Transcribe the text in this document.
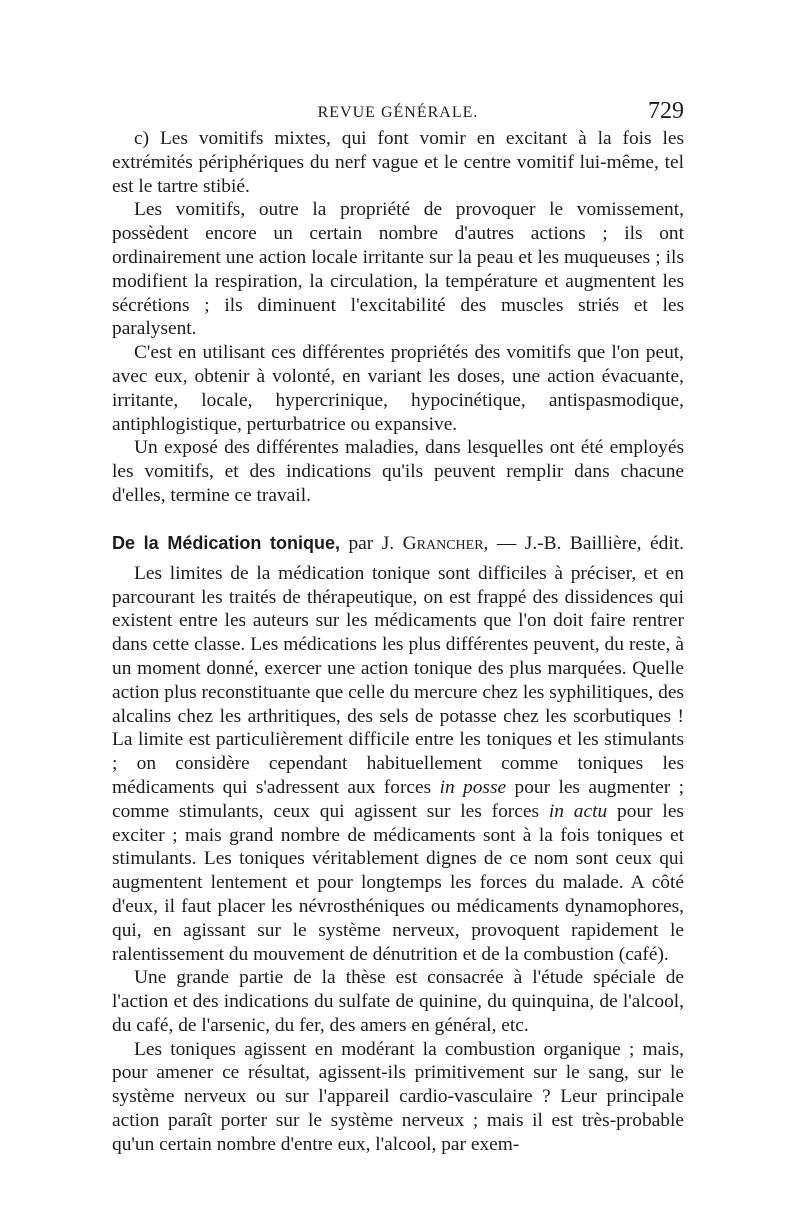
REVUE GÉNÉRALE.	729

c) Les vomitifs mixtes, qui font vomir en excitant à la fois les extrémités périphériques du nerf vague et le centre vomitif lui-même, tel est le tartre stibié.

Les vomitifs, outre la propriété de provoquer le vomissement, possèdent encore un certain nombre d'autres actions ; ils ont ordinairement une action locale irritante sur la peau et les muqueuses ; ils modifient la respiration, la circulation, la température et augmentent les sécrétions ; ils diminuent l'excitabilité des muscles striés et les paralysent.

C'est en utilisant ces différentes propriétés des vomitifs que l'on peut, avec eux, obtenir à volonté, en variant les doses, une action évacuante, irritante, locale, hypercrinique, hypocinétique, antispasmodique, antiphlogistique, perturbatrice ou expansive.

Un exposé des différentes maladies, dans lesquelles ont été employés les vomitifs, et des indications qu'ils peuvent remplir dans chacune d'elles, termine ce travail.

De la Médication tonique, par J. Grancher, — J.-B. Baillière, édit.

Les limites de la médication tonique sont difficiles à préciser, et en parcourant les traités de thérapeutique, on est frappé des dissidences qui existent entre les auteurs sur les médicaments que l'on doit faire rentrer dans cette classe. Les médications les plus différentes peuvent, du reste, à un moment donné, exercer une action tonique des plus marquées. Quelle action plus reconstituante que celle du mercure chez les syphilitiques, des alcalins chez les arthritiques, des sels de potasse chez les scorbutiques ! La limite est particulièrement difficile entre les toniques et les stimulants ; on considère cependant habituellement comme toniques les médicaments qui s'adressent aux forces in posse pour les augmenter ; comme stimulants, ceux qui agissent sur les forces in actu pour les exciter ; mais grand nombre de médicaments sont à la fois toniques et stimulants. Les toniques véritablement dignes de ce nom sont ceux qui augmentent lentement et pour longtemps les forces du malade. A côté d'eux, il faut placer les névrosthéniques ou médicaments dynamophores, qui, en agissant sur le système nerveux, provoquent rapidement le ralentissement du mouvement de dénutrition et de la combustion (café).

Une grande partie de la thèse est consacrée à l'étude spéciale de l'action et des indications du sulfate de quinine, du quinquina, de l'alcool, du café, de l'arsenic, du fer, des amers en général, etc.

Les toniques agissent en modérant la combustion organique ; mais, pour amener ce résultat, agissent-ils primitivement sur le sang, sur le système nerveux ou sur l'appareil cardio-vasculaire ? Leur principale action paraît porter sur le système nerveux ; mais il est très-probable qu'un certain nombre d'entre eux, l'alcool, par exem-
